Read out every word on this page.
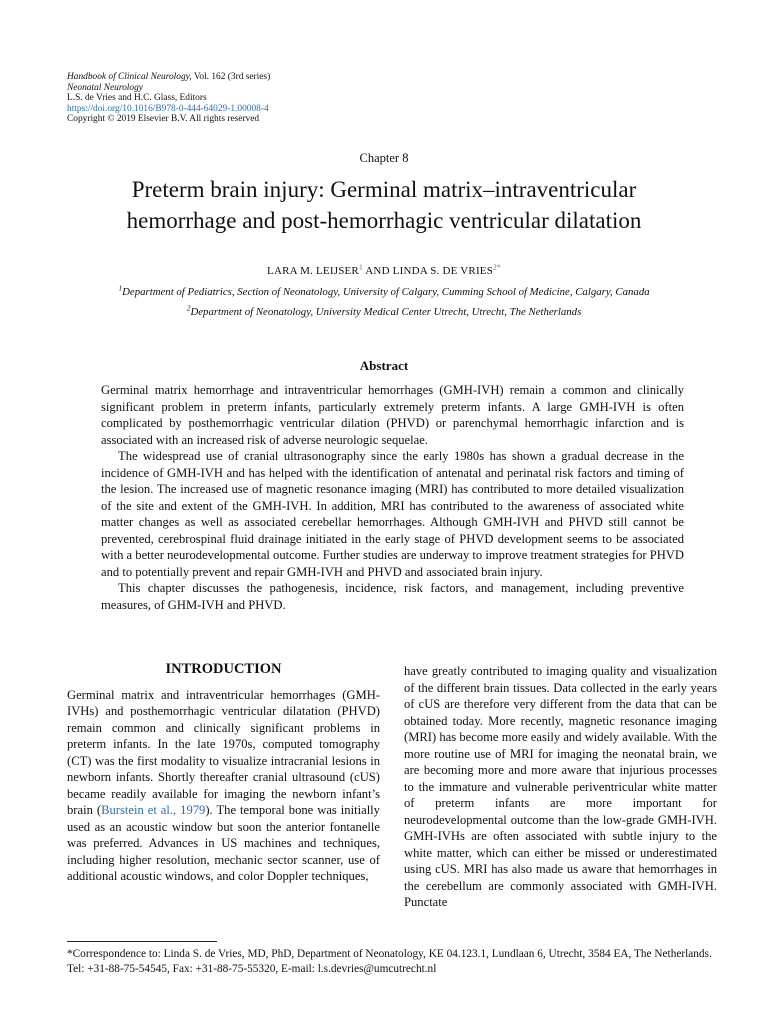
Handbook of Clinical Neurology, Vol. 162 (3rd series)
Neonatal Neurology
L.S. de Vries and H.C. Glass, Editors
https://doi.org/10.1016/B978-0-444-64029-1.00008-4
Copyright © 2019 Elsevier B.V. All rights reserved
Chapter 8
Preterm brain injury: Germinal matrix–intraventricular
hemorrhage and post-hemorrhagic ventricular dilatation
LARA M. LEIJSER$^1$ AND LINDA S. DE $VRIES^{2*}$
$^1$Department of Pediatrics, Section of Neonatology, University of Calgary, Cumming School of Medicine, Calgary, Canada
$^2$Department of Neonatology, University Medical Center Utrecht, Utrecht, The Netherlands
Abstract

Germinal matrix hemorrhage and intraventricular hemorrhages (GMH-IVH) remain a common and clinically significant problem in preterm infants, particularly extremely preterm infants. A large GMH-IVH is often complicated by posthemorrhagic ventricular dilation (PHVD) or parenchymal hemorrhagic infarction and is associated with an increased risk of adverse neurologic sequelae.

The widespread use of cranial ultrasonography since the early 1980s has shown a gradual decrease in the incidence of GMH-IVH and has helped with the identification of antenatal and perinatal risk factors and timing of the lesion. The increased use of magnetic resonance imaging (MRI) has contributed to more detailed visualization of the site and extent of the GMH-IVH. In addition, MRI has contributed to the awareness of associated white matter changes as well as associated cerebellar hemorrhages. Although GMH-IVH and PHVD still cannot be prevented, cerebrospinal fluid drainage initiated in the early stage of PHVD development seems to be associated with a better neurodevelopmental outcome. Further studies are underway to improve treatment strategies for PHVD and to potentially prevent and repair GMH-IVH and PHVD and associated brain injury.

This chapter discusses the pathogenesis, incidence, risk factors, and management, including preventive measures, of GHM-IVH and PHVD.

INTRODUCTION

Germinal matrix and intraventricular hemorrhages (GMH-IVHs) and posthemorrhagic ventricular dilatation (PHVD) remain common and clinically significant problems in preterm infants. In the late 1970s, computed tomography (CT) was the first modality to visualize intracranial lesions in newborn infants. Shortly thereafter cranial ultrasound (cUS) became readily available for imaging the newborn infant’s brain (Burstein et al., 1979). The temporal bone was initially used as an acoustic window but soon the anterior fontanelle was preferred. Advances in US machines and techniques, including higher resolution, mechanic sector scanner, use of additional acoustic windows, and color Doppler techniques,

have greatly contributed to imaging quality and visualization of the different brain tissues. Data collected in the early years of cUS are therefore very different from the data that can be obtained today. More recently, magnetic resonance imaging (MRI) has become more easily and widely available. With the more routine use of MRI for imaging the neonatal brain, we are becoming more and more aware that injurious processes to the immature and vulnerable periventricular white matter of preterm infants are more important for neurodevelopmental outcome than the low-grade GMH-IVH. GMH-IVHs are often associated with subtle injury to the white matter, which can either be missed or underestimated using cUS. MRI has also made us aware that hemorrhages in the cerebellum are commonly associated with GMH-IVH. Punctate

*Correspondence to: Linda S. de Vries, MD, PhD, Department of Neonatology, KE 04.123.1, Lundlaan 6, Utrecht, 3584 EA, The Netherlands. Tel: +31-88-75-54545, Fax: +31-88-75-55320, E-mail: l.s.devries@umcutrecht.nl
